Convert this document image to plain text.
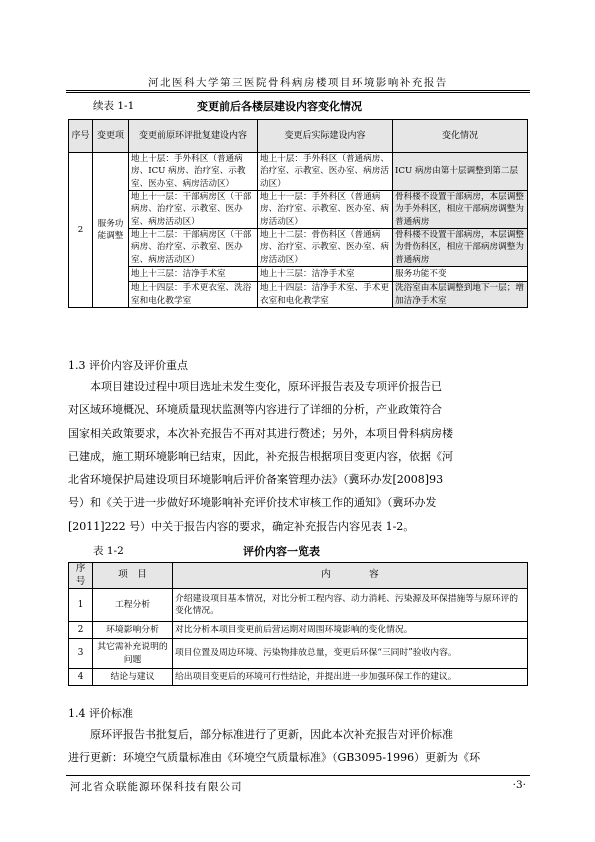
河北医科大学第三医院骨科病房楼项目环境影响补充报告
续表 1-1	变更前后各楼层建设内容变化情况
序号	变更项	变更前原环评批复建设内容	变更后实际建设内容	变化情况
2	服务功能调整	地上十层：手外科区（普通病房、ICU 病房、治疗室、示教室、医办室、病房活动区）	地上十层：手外科区（普通病房、治疗室、示教室、医办室、病房活动区）	ICU 病房由第十层调整到第二层
		地上十一层：干部病房区（干部病房、治疗室、示教室、医办室、病房活动区）	地上十一层：手外科区（普通病房、治疗室、示教室、医办室、病房活动区）	骨科楼不设置干部病房，本层调整为手外科区，相应干部病房调整为普通病房
		地上十二层：干部病房区（干部病房、治疗室、示教室、医办室、病房活动区）	地上十二层：骨伤科区（普通病房、治疗室、示教室、医办室、病房活动区）	骨科楼不设置干部病房，本层调整为骨伤科区，相应干部病房调整为普通病房
		地上十三层：洁净手术室	地上十三层：洁净手术室	服务功能不变
		地上十四层：手术更衣室、洗浴室和电化教学室	地上十四层：洁净手术室、手术更衣室和电化教学室	洗浴室由本层调整到地下一层；增加洁净手术室
1.3 评价内容及评价重点
本项目建设过程中项目选址未发生变化，原环评报告表及专项评价报告已
对区域环境概况、环境质量现状监测等内容进行了详细的分析，产业政策符合
国家相关政策要求，本次补充报告不再对其进行赘述；另外，本项目骨科病房楼
已建成，施工期环境影响已结束，因此，补充报告根据项目变更内容，依据《河
北省环境保护局建设项目环境影响后评价备案管理办法》（冀环办发[2008]93
号）和《关于进一步做好环境影响补充评价技术审核工作的通知》（冀环办发
[2011]222 号）中关于报告内容的要求，确定补充报告内容见表 1-2。
表 1-2	评价内容一览表
序号	项　目	内　　　　容
1	工程分析	介绍建设项目基本情况，对比分析工程内容、动力消耗、污染源及环保措施等与原环评的变化情况。
2	环境影响分析	对比分析本项目变更前后营运期对周围环境影响的变化情况。
3	其它需补充说明的问题	项目位置及周边环境、污染物排放总量，变更后环保“三同时”验收内容。
4	结论与建议	给出项目变更后的环境可行性结论，并提出进一步加强环保工作的建议。
1.4 评价标准
原环评报告书批复后，部分标准进行了更新，因此本次补充报告对评价标准
进行更新：环境空气质量标准由《环境空气质量标准》（GB3095-1996）更新为《环
河北省众联能源环保科技有限公司	·3·
